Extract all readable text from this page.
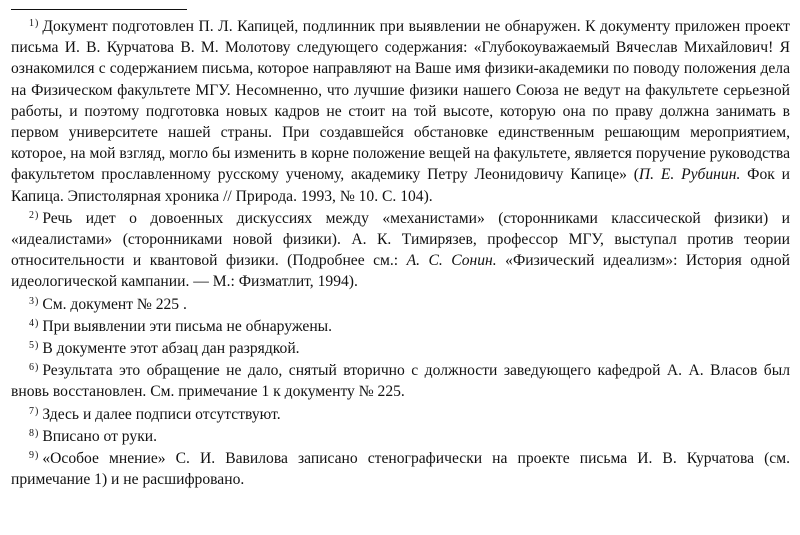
$^{1)}$ Документ подготовлен П. Л. Капицей, подлинник при выявлении не обнаружен. К документу приложен проект письма И. В. Курчатова В. М. Молотову следующего содержания: «Глубокоуважаемый Вячеслав Михайлович! Я ознакомился с содержанием письма, которое направляют на Ваше имя физики-академики по поводу положения дела на Физическом факультете МГУ. Несомненно, что лучшие физики нашего Союза не ведут на факультете серьезной работы, и поэтому подготовка новых кадров не стоит на той высоте, которую она по праву должна занимать в первом университете нашей страны. При создавшейся обстановке единственным решающим мероприятием, которое, на мой взгляд, могло бы изменить в корне положение вещей на факультете, является поручение руководства факультетом прославленному русскому ученому, академику Петру Леонидовичу Капице» (П. Е. Рубинин. Фок и Капица. Эпистолярная хроника // Природа. 1993, № 10. С. 104).

$^{2)}$ Речь идет о довоенных дискуссиях между «механистами» (сторонниками классической физики) и «идеалистами» (сторонниками новой физики). А. К. Тимирязев, профессор МГУ, выступал против теории относительности и квантовой физики. (Подробнее см.: А. С. Сонин. «Физический идеализм»: История одной идеологической кампании. — М.: Физматлит, 1994).

$^{3)}$ См. документ № 225 .

$^{4)}$ При выявлении эти письма не обнаружены.

$^{5)}$ В документе этот абзац дан разрядкой.

$^{6)}$ Результата это обращение не дало, снятый вторично с должности заведующего кафедрой А. А. Власов был вновь восстановлен. См. примечание 1 к документу № 225.

$^{7)}$ Здесь и далее подписи отсутствуют.

$^{8)}$ Вписано от руки.

$^{9)}$ «Особое мнение» С. И. Вавилова записано стенографически на проекте письма И. В. Курчатова (см. примечание 1) и не расшифровано.
